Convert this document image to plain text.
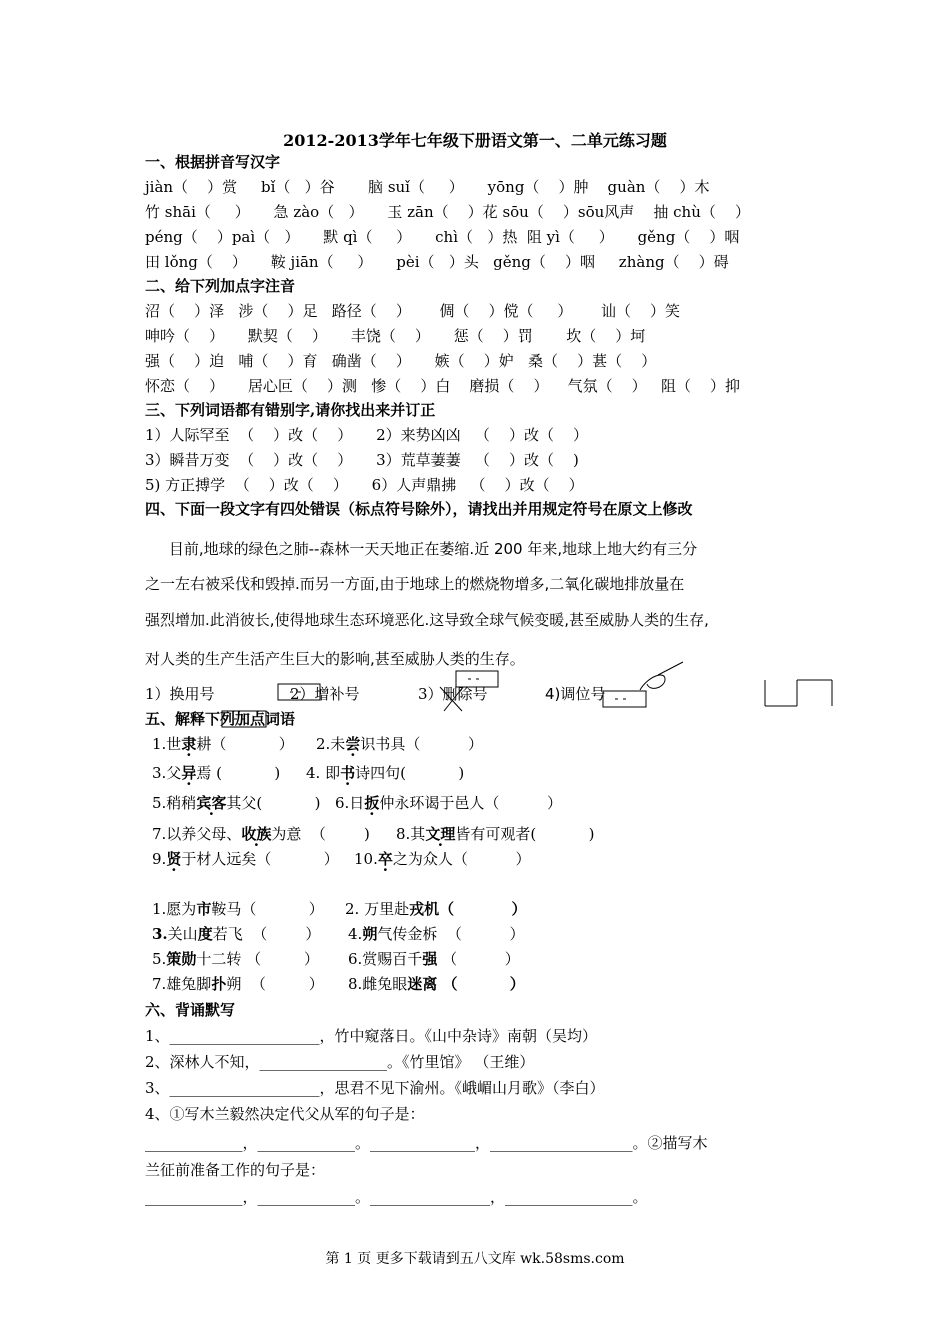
2012-2013学年七年级下册语文第一、二单元练习题
一、根据拼音写汉字
jiàn（    ）赏     bǐ（   ）谷       脑 suǐ（     ）     yōng（    ）肿    guàn（    ）木
竹 shāi（     ）     急 zào（   ）     玉 zān（    ）花 sōu（    ）sōu风声    抽 chù（    ）
péng（    ）paì（   ）     默 qì（     ）     chì（   ）热  阻 yì（     ）     gěng（    ）咽
田 lǒng（    ）     鞍 jiān（     ）     pèi（   ）头   gěng（    ）咽     zhàng（    ）碍
二、给下列加点字注音
沼（    ）泽   涉（    ）足   路径（    ）      倜（    ）傥（     ）      讪（    ）笑
呻吟（    ）     默契（    ）     丰饶（    ）     惩（    ）罚       坎（    ）坷
强（    ）迫   哺（    ）育   确凿（    ）     嫉（    ）妒   桑（    ）葚（    ）
怀恋（    ）     居心叵（    ）测   惨（    ）白    磨损（    ）    气氛（    ）   阻（    ）抑
三、下列词语都有错别字,请你找出来并订正
1）人际罕至  （    ）改（    ）     2）来势凶凶   （    ）改（    ）
3）瞬昔万变  （    ）改（    ）     3）荒草萋萋   （    ）改（    )
5) 方正搏学  （    ）改（    ）     6）人声鼎拂   （    ）改（    ）
四、下面一段文字有四处错误（标点符号除外），请找出并用规定符号在原文上修改
目前,地球的绿色之肺--森林一天天地正在萎缩.近 200 年来,地球上地大约有三分
之一左右被采伐和毁掉.而另一方面,由于地球上的燃烧物增多,二氧化碳地排放量在
强烈增加.此消彼长,使得地球生态环境恶化.这导致全球气候变暖,甚至威胁人类的生存,
对人类的生产生活产生巨大的影响,甚至威胁人类的生存。
1）换用号	2）增补号	3）删除号	4)调位号
五、解释下列加点词语
1.世隶耕（           ） 2.未尝识书具（          ）
3.父异焉 (           ) 4. 即书诗四句(           )
5.稍稍宾客其父(           ) 6.日扳仲永环谒于邑人（          ）
7.以养父母、收族为意  （        ) 8.其文理皆有可观者(           )
9.贤于材人远矣（           ） 10.卒之为众人（          ）
1.愿为市鞍马（           ） 2. 万里赴戎机（           ）
3.关山度若飞  （        ） 4.朔气传金柝  （          ）
5.策勋十二转 （         ） 6.赏赐百千强 （          ）
7.雄兔脚扑朔  （         ） 8.雌兔眼迷离 （          ）
六、背诵默写
1、____________________，竹中窥落日。《山中杂诗》南朝（吴均）
2、深林人不知，_________________。《竹里馆》 （王维）
3、____________________，思君不见下渝州。《峨嵋山月歌》（李白）
4、①写木兰毅然决定代父从军的句子是：
_____________，_____________。______________，___________________。②描写木
兰征前准备工作的句子是：
_____________，_____________。________________，_________________。
第 1 页 更多下载请到五八文库 wk.58sms.com
